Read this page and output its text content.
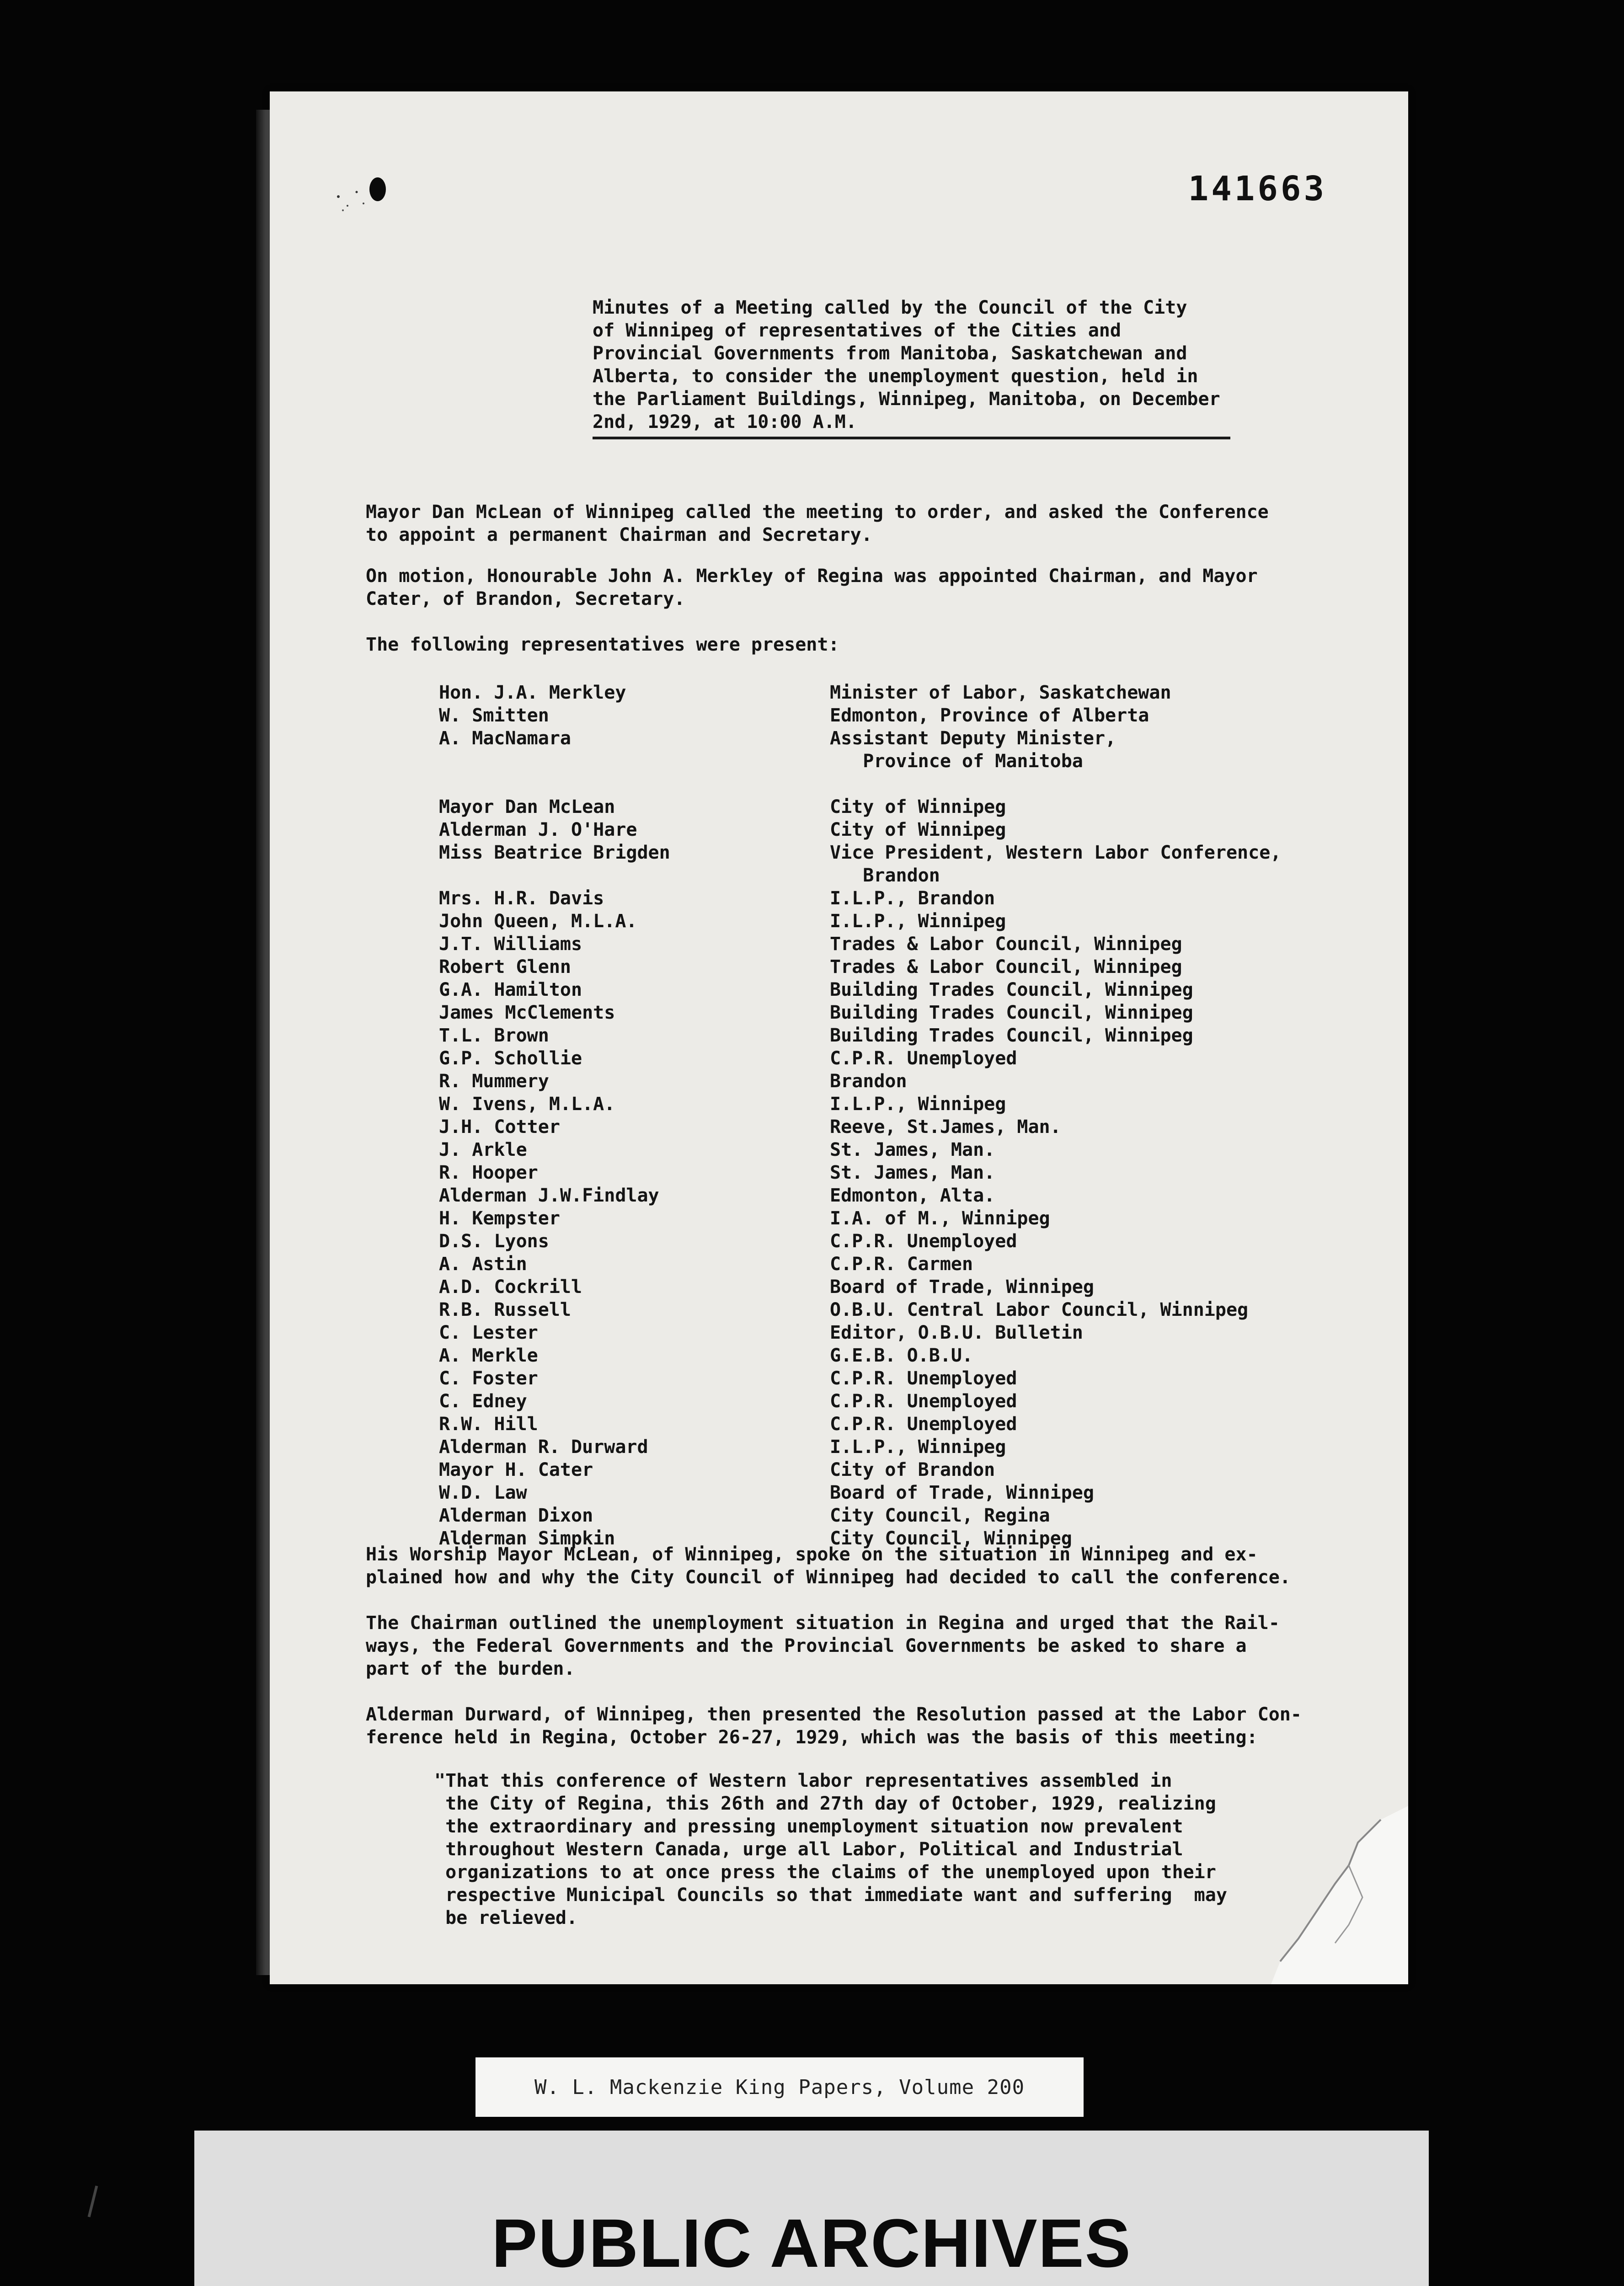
141663
Minutes of a Meeting called by the Council of the City
of Winnipeg of representatives of the Cities and
Provincial Governments from Manitoba, Saskatchewan and
Alberta, to consider the unemployment question, held in
the Parliament Buildings, Winnipeg, Manitoba, on December
2nd, 1929, at 10:00 A.M.
Mayor Dan McLean of Winnipeg called the meeting to order, and asked the Conference
to appoint a permanent Chairman and Secretary.
On motion, Honourable John A. Merkley of Regina was appointed Chairman, and Mayor
Cater, of Brandon, Secretary.
The following representatives were present:
Hon. J.A. Merkley	Minister of Labor, Saskatchewan
W. Smitten	Edmonton, Province of Alberta
A. MacNamara	Assistant Deputy Minister,
Province of Manitoba
Mayor Dan McLean	City of Winnipeg
Alderman J. O'Hare	City of Winnipeg
Miss Beatrice Brigden	Vice President, Western Labor Conference,
Brandon
Mrs. H.R. Davis	I.L.P., Brandon
John Queen, M.L.A.	I.L.P., Winnipeg
J.T. Williams	Trades & Labor Council, Winnipeg
Robert Glenn	Trades & Labor Council, Winnipeg
G.A. Hamilton	Building Trades Council, Winnipeg
James McClements	Building Trades Council, Winnipeg
T.L. Brown	Building Trades Council, Winnipeg
G.P. Schollie	C.P.R. Unemployed
R. Mummery	Brandon
W. Ivens, M.L.A.	I.L.P., Winnipeg
J.H. Cotter	Reeve, St.James, Man.
J. Arkle	St. James, Man.
R. Hooper	St. James, Man.
Alderman J.W.Findlay	Edmonton, Alta.
H. Kempster	I.A. of M., Winnipeg
D.S. Lyons	C.P.R. Unemployed
A. Astin	C.P.R. Carmen
A.D. Cockrill	Board of Trade, Winnipeg
R.B. Russell	O.B.U. Central Labor Council, Winnipeg
C. Lester	Editor, O.B.U. Bulletin
A. Merkle	G.E.B. O.B.U.
C. Foster	C.P.R. Unemployed
C. Edney	C.P.R. Unemployed
R.W. Hill	C.P.R. Unemployed
Alderman R. Durward	I.L.P., Winnipeg
Mayor H. Cater	City of Brandon
W.D. Law	Board of Trade, Winnipeg
Alderman Dixon	City Council, Regina
Alderman Simpkin	City Council, Winnipeg
His Worship Mayor McLean, of Winnipeg, spoke on the situation in Winnipeg and ex-
plained how and why the City Council of Winnipeg had decided to call the conference.
The Chairman outlined the unemployment situation in Regina and urged that the Rail-
ways, the Federal Governments and the Provincial Governments be asked to share a
part of the burden.
Alderman Durward, of Winnipeg, then presented the Resolution passed at the Labor Con-
ference held in Regina, October 26-27, 1929, which was the basis of this meeting:
"That this conference of Western labor representatives assembled in
the City of Regina, this 26th and 27th day of October, 1929, realizing
the extraordinary and pressing unemployment situation now prevalent
throughout Western Canada, urge all Labor, Political and Industrial
organizations to at once press the claims of the unemployed upon their
respective Municipal Councils so that immediate want and suffering  may
be relieved.
W. L. Mackenzie King Papers, Volume 200
PUBLIC ARCHIVES
